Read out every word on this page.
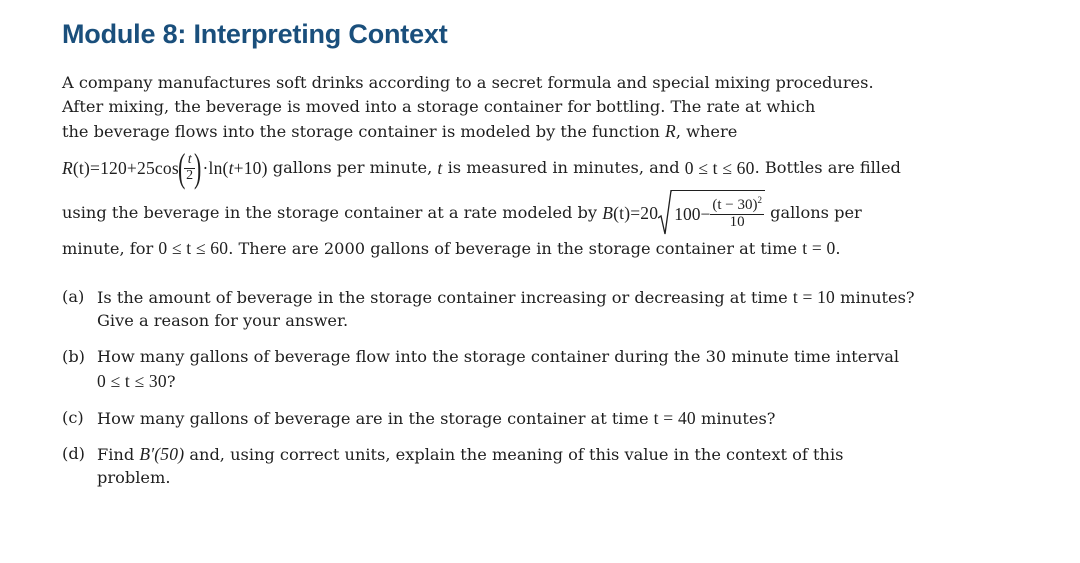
Module 8: Interpreting Context
A company manufactures soft drinks according to a secret formula and special mixing procedures.
After mixing, the beverage is moved into a storage container for bottling. The rate at which
the beverage flows into the storage container is modeled by the function R, where
R (t) =120+25cos
(
$\frac{t}{2}$
) ·ln( t +10) gallons per minute, t is measured in minutes, and 0 ≤ t ≤ 60 . Bottles are filled
using the beverage in the storage container at a rate modeled by B (t) =20 $100- \frac{(t - 30)^2}{10}$ gallons per
minute, for 0 ≤ t ≤ 60. There are 2000 gallons of beverage in the storage container at time t = 0.
(a) Is the amount of beverage in the storage container increasing or decreasing at time t = 10 minutes?
Give a reason for your answer.
(b) How many gallons of beverage flow into the storage container during the 30 minute time interval
0 ≤ t ≤ 30?
(c) How many gallons of beverage are in the storage container at time t = 40 minutes?
(d) Find B′(50) and, using correct units, explain the meaning of this value in the context of this
problem.
